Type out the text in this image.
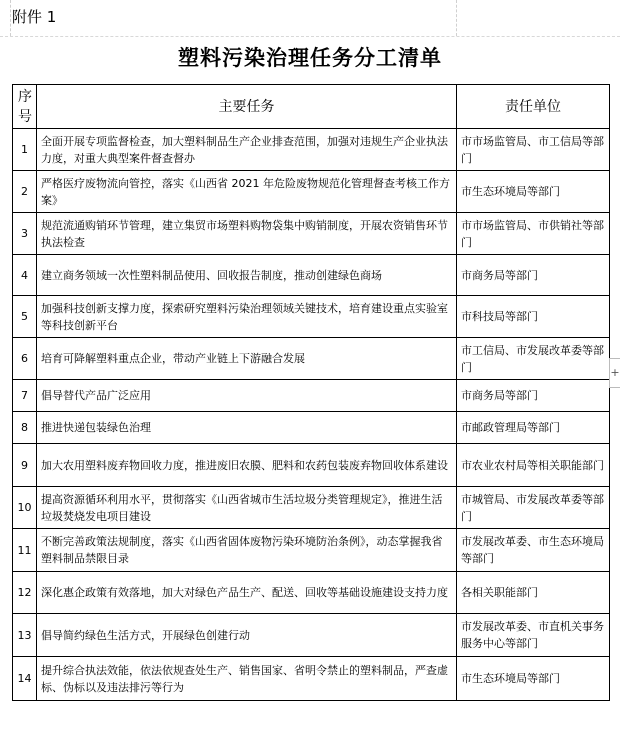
附件 1
塑料污染治理任务分工清单
序号	主要任务	责任单位
1	全面开展专项监督检查，加大塑料制品生产企业排查范围，加强对违规生产企业执法力度，对重大典型案件督查督办	市市场监管局、市工信局等部门
2	严格医疗废物流向管控，落实《山西省 2021 年危险废物规范化管理督查考核工作方案》	市生态环境局等部门
3	规范流通购销环节管理，建立集贸市场塑料购物袋集中购销制度，开展农资销售环节执法检查	市市场监管局、市供销社等部门
4	建立商务领域一次性塑料制品使用、回收报告制度，推动创建绿色商场	市商务局等部门
5	加强科技创新支撑力度，探索研究塑料污染治理领域关键技术，培育建设重点实验室等科技创新平台	市科技局等部门
6	培育可降解塑料重点企业，带动产业链上下游融合发展	市工信局、市发展改革委等部门
7	倡导替代产品广泛应用	市商务局等部门
8	推进快递包装绿色治理	市邮政管理局等部门
9	加大农用塑料废弃物回收力度，推进废旧农膜、肥料和农药包装废弃物回收体系建设	市农业农村局等相关职能部门
10	提高资源循环利用水平，贯彻落实《山西省城市生活垃圾分类管理规定》，推进生活垃圾焚烧发电项目建设	市城管局、市发展改革委等部门
11	不断完善政策法规制度，落实《山西省固体废物污染环境防治条例》，动态掌握我省塑料制品禁限目录	市发展改革委、市生态环境局等部门
12	深化惠企政策有效落地，加大对绿色产品生产、配送、回收等基础设施建设支持力度	各相关职能部门
13	倡导简约绿色生活方式，开展绿色创建行动	市发展改革委、市直机关事务服务中心等部门
14	提升综合执法效能，依法依规查处生产、销售国家、省明令禁止的塑料制品，严查虚标、伪标以及违法排污等行为	市生态环境局等部门
+
